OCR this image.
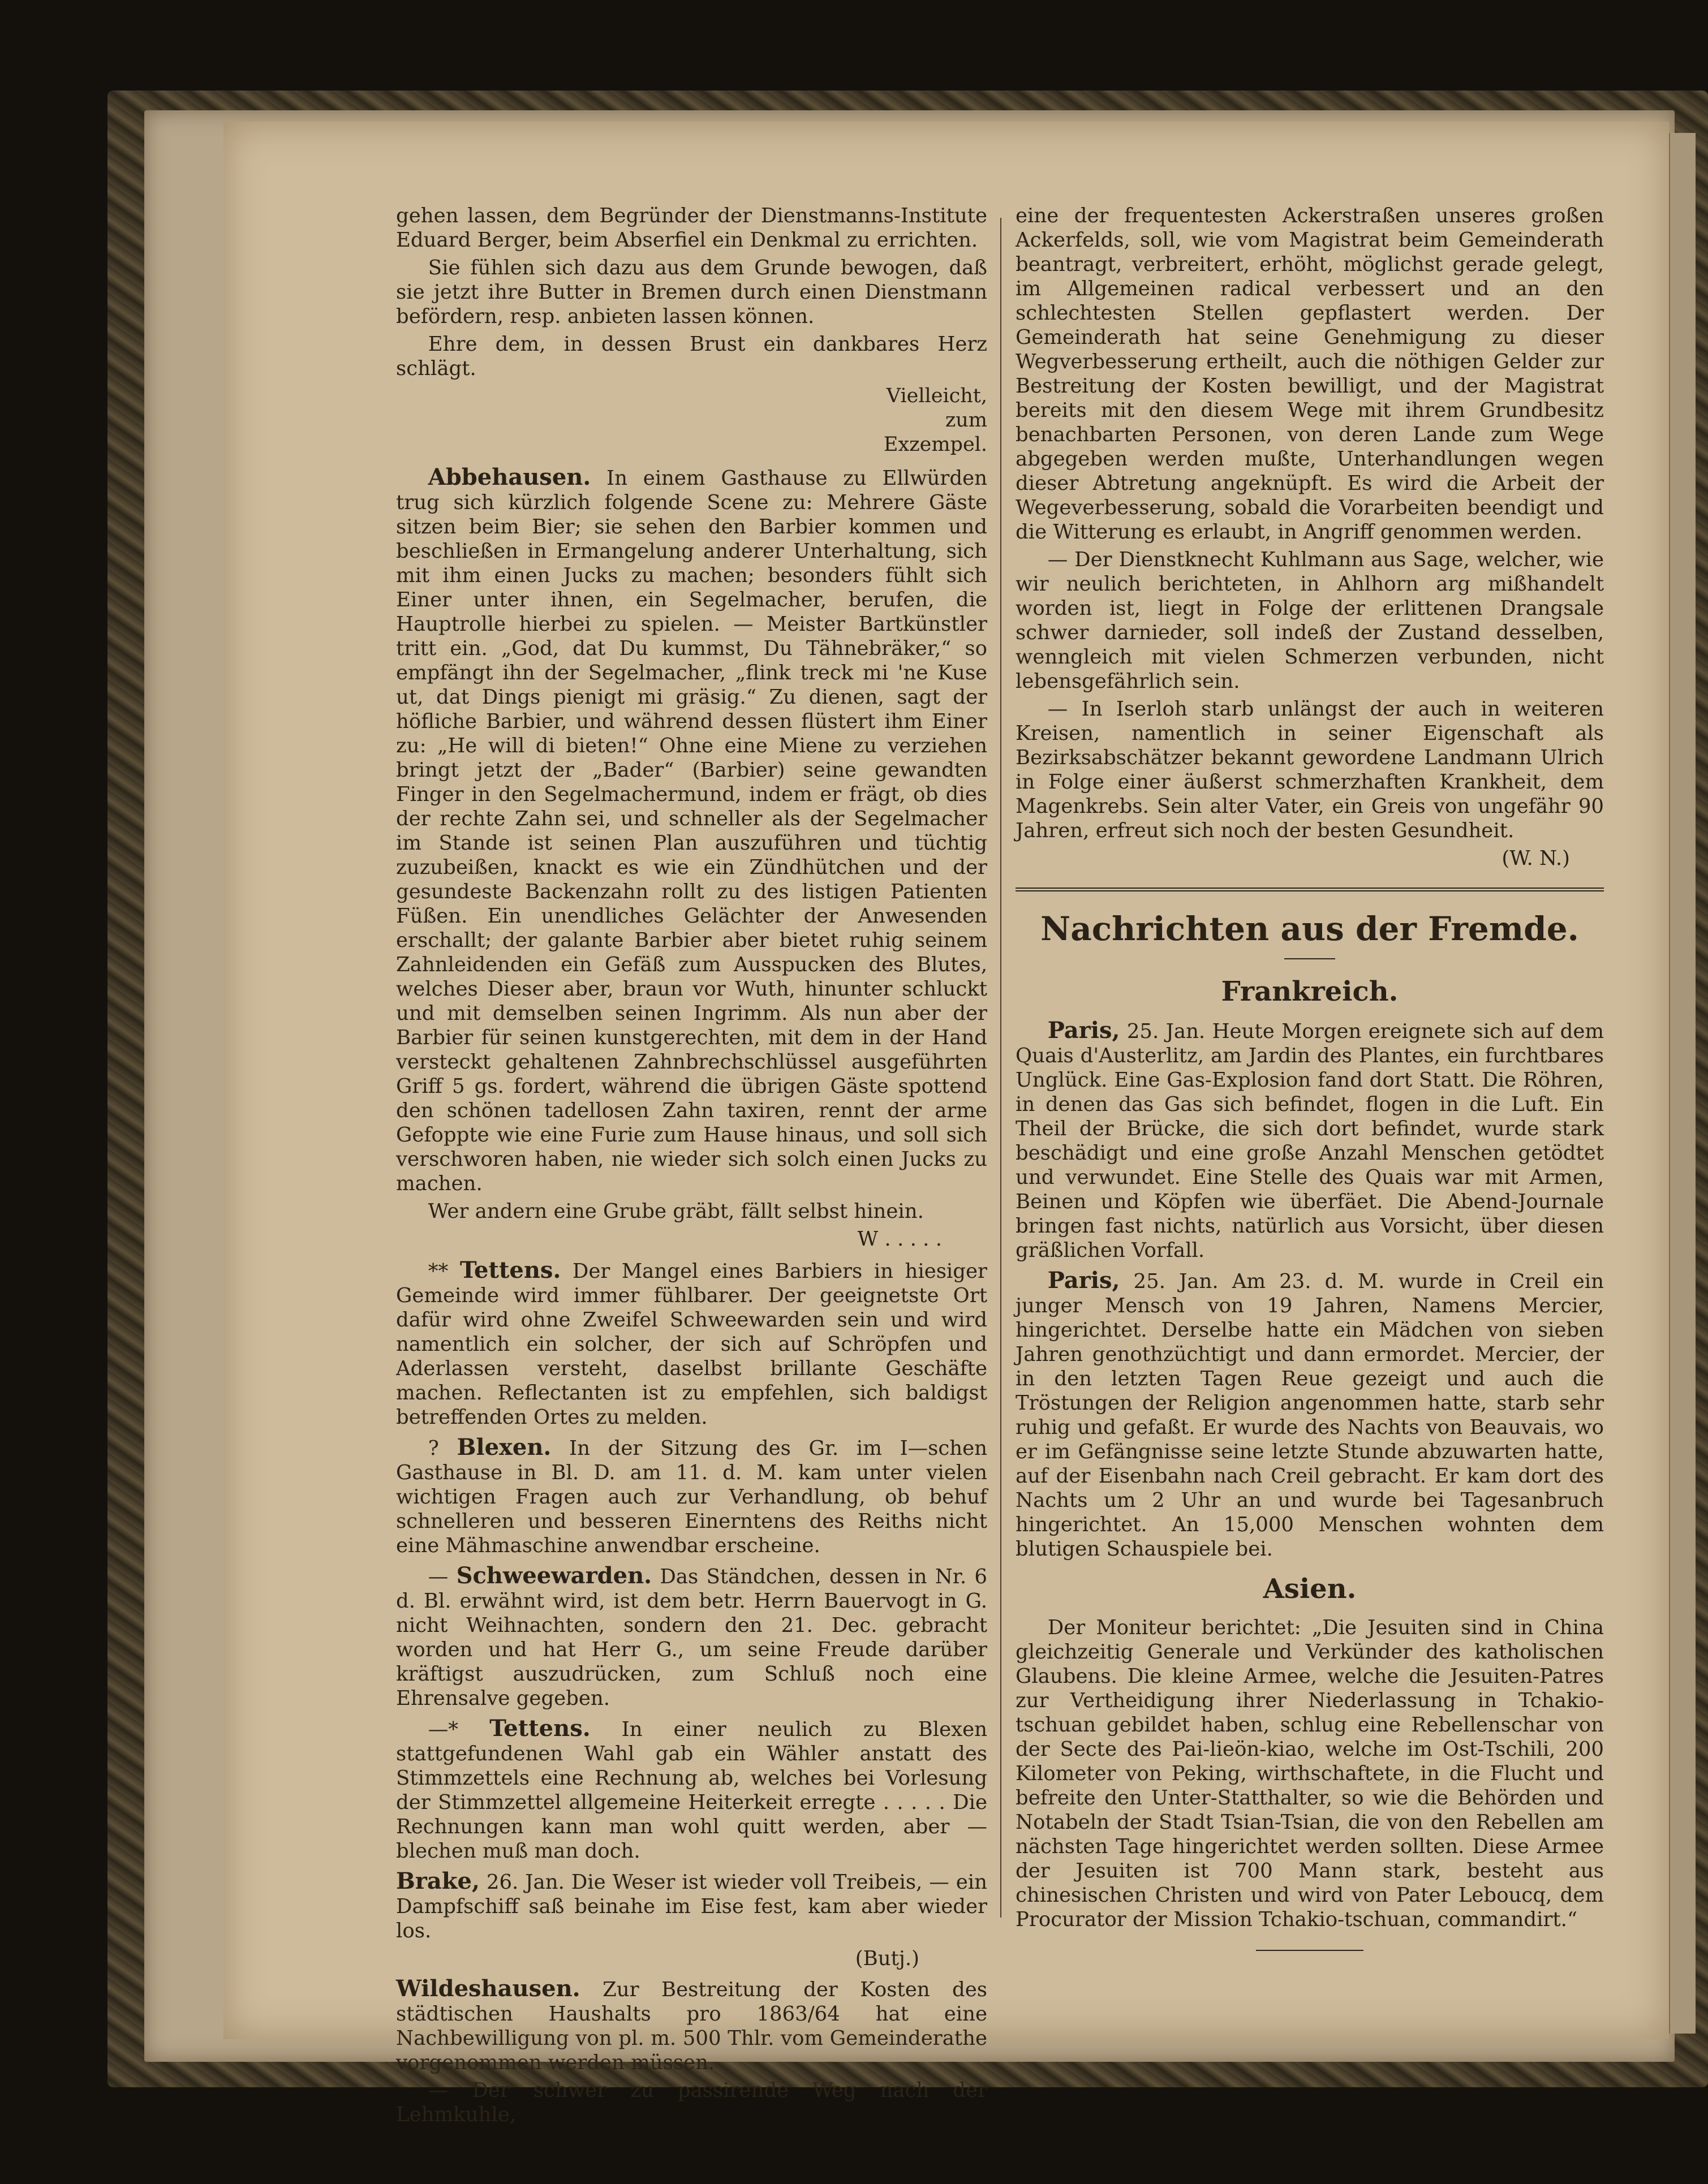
gehen lassen, dem Begründer der Dienstmanns-Institute Eduard Berger, beim Abserfiel ein Denkmal zu errichten.

Sie fühlen sich dazu aus dem Grunde bewogen, daß sie jetzt ihre Butter in Bremen durch einen Dienstmann befördern, resp. anbieten lassen können.

Ehre dem, in dessen Brust ein dankbares Herz schlägt.

Vielleicht,
zum
Exzempel.

Abbehausen. In einem Gasthause zu Ellwürden trug sich kürzlich folgende Scene zu: Mehrere Gäste sitzen beim Bier; sie sehen den Barbier kommen und beschließen in Ermangelung anderer Unterhaltung, sich mit ihm einen Jucks zu machen; besonders fühlt sich Einer unter ihnen, ein Segelmacher, berufen, die Hauptrolle hierbei zu spielen. — Meister Bartkünstler tritt ein. „God, dat Du kummst, Du Tähnebräker,“ so empfängt ihn der Segelmacher, „flink treck mi 'ne Kuse ut, dat Dings pienigt mi gräsig.“ Zu dienen, sagt der höfliche Barbier, und während dessen flüstert ihm Einer zu: „He will di bieten!“ Ohne eine Miene zu verziehen bringt jetzt der „Bader“ (Barbier) seine gewandten Finger in den Segelmachermund, indem er frägt, ob dies der rechte Zahn sei, und schneller als der Segelmacher im Stande ist seinen Plan auszuführen und tüchtig zuzubeißen, knackt es wie ein Zündhütchen und der gesundeste Backenzahn rollt zu des listigen Patienten Füßen. Ein unendliches Gelächter der Anwesenden erschallt; der galante Barbier aber bietet ruhig seinem Zahnleidenden ein Gefäß zum Ausspucken des Blutes, welches Dieser aber, braun vor Wuth, hinunter schluckt und mit demselben seinen Ingrimm. Als nun aber der Barbier für seinen kunstgerechten, mit dem in der Hand versteckt gehaltenen Zahnbrechschlüssel ausgeführten Griff 5 gs. fordert, während die übrigen Gäste spottend den schönen tadellosen Zahn taxiren, rennt der arme Gefoppte wie eine Furie zum Hause hinaus, und soll sich verschworen haben, nie wieder sich solch einen Jucks zu machen.

Wer andern eine Grube gräbt, fällt selbst hinein.

W . . . . .

** Tettens. Der Mangel eines Barbiers in hiesiger Gemeinde wird immer fühlbarer. Der geeignetste Ort dafür wird ohne Zweifel Schweewarden sein und wird namentlich ein solcher, der sich auf Schröpfen und Aderlassen versteht, daselbst brillante Geschäfte machen. Reflectanten ist zu empfehlen, sich baldigst betreffenden Ortes zu melden.

? Blexen. In der Sitzung des Gr. im I—schen Gasthause in Bl. D. am 11. d. M. kam unter vielen wichtigen Fragen auch zur Verhandlung, ob behuf schnelleren und besseren Einerntens des Reiths nicht eine Mähmaschine anwendbar erscheine.

— Schweewarden. Das Ständchen, dessen in Nr. 6 d. Bl. erwähnt wird, ist dem betr. Herrn Bauervogt in G. nicht Weihnachten, sondern den 21. Dec. gebracht worden und hat Herr G., um seine Freude darüber kräftigst auszudrücken, zum Schluß noch eine Ehrensalve gegeben.

—* Tettens. In einer neulich zu Blexen stattgefundenen Wahl gab ein Wähler anstatt des Stimmzettels eine Rechnung ab, welches bei Vorlesung der Stimmzettel allgemeine Heiterkeit erregte . . . . . Die Rechnungen kann man wohl quitt werden, aber — blechen muß man doch.

Brake, 26. Jan. Die Weser ist wieder voll Treibeis, — ein Dampfschiff saß beinahe im Eise fest, kam aber wieder los.

(Butj.)

Wildeshausen. Zur Bestreitung der Kosten des städtischen Haushalts pro 1863/64 hat eine Nachbewilligung von pl. m. 500 Thlr. vom Gemeinderathe vorgenommen werden müssen.

— Der schwer zu passirende Weg nach der Lehmkuhle,

eine der frequentesten Ackerstraßen unseres großen Ackerfelds, soll, wie vom Magistrat beim Gemeinderath beantragt, verbreitert, erhöht, möglichst gerade gelegt, im Allgemeinen radical verbessert und an den schlechtesten Stellen gepflastert werden. Der Gemeinderath hat seine Genehmigung zu dieser Wegverbesserung ertheilt, auch die nöthigen Gelder zur Bestreitung der Kosten bewilligt, und der Magistrat bereits mit den diesem Wege mit ihrem Grundbesitz benachbarten Personen, von deren Lande zum Wege abgegeben werden mußte, Unterhandlungen wegen dieser Abtretung angeknüpft. Es wird die Arbeit der Wegeverbesserung, sobald die Vorarbeiten beendigt und die Witterung es erlaubt, in Angriff genommen werden.

— Der Dienstknecht Kuhlmann aus Sage, welcher, wie wir neulich berichteten, in Ahlhorn arg mißhandelt worden ist, liegt in Folge der erlittenen Drangsale schwer darnieder, soll indeß der Zustand desselben, wenngleich mit vielen Schmerzen verbunden, nicht lebensgefährlich sein.

— In Iserloh starb unlängst der auch in weiteren Kreisen, namentlich in seiner Eigenschaft als Bezirksabschätzer bekannt gewordene Landmann Ulrich in Folge einer äußerst schmerzhaften Krankheit, dem Magenkrebs. Sein alter Vater, ein Greis von ungefähr 90 Jahren, erfreut sich noch der besten Gesundheit.

(W. N.)

Nachrichten aus der Fremde.
Frankreich.

Paris, 25. Jan. Heute Morgen ereignete sich auf dem Quais d'Austerlitz, am Jardin des Plantes, ein furchtbares Unglück. Eine Gas-Explosion fand dort Statt. Die Röhren, in denen das Gas sich befindet, flogen in die Luft. Ein Theil der Brücke, die sich dort befindet, wurde stark beschädigt und eine große Anzahl Menschen getödtet und verwundet. Eine Stelle des Quais war mit Armen, Beinen und Köpfen wie überfäet. Die Abend-Journale bringen fast nichts, natürlich aus Vorsicht, über diesen gräßlichen Vorfall.

Paris, 25. Jan. Am 23. d. M. wurde in Creil ein junger Mensch von 19 Jahren, Namens Mercier, hingerichtet. Derselbe hatte ein Mädchen von sieben Jahren genothzüchtigt und dann ermordet. Mercier, der in den letzten Tagen Reue gezeigt und auch die Tröstungen der Religion angenommen hatte, starb sehr ruhig und gefaßt. Er wurde des Nachts von Beauvais, wo er im Gefängnisse seine letzte Stunde abzuwarten hatte, auf der Eisenbahn nach Creil gebracht. Er kam dort des Nachts um 2 Uhr an und wurde bei Tagesanbruch hingerichtet. An 15,000 Menschen wohnten dem blutigen Schauspiele bei.

Asien.

Der Moniteur berichtet: „Die Jesuiten sind in China gleichzeitig Generale und Verkünder des katholischen Glaubens. Die kleine Armee, welche die Jesuiten-Patres zur Vertheidigung ihrer Niederlassung in Tchakio-tschuan gebildet haben, schlug eine Rebellenschar von der Secte des Pai-lieön-kiao, welche im Ost-Tschili, 200 Kilometer von Peking, wirthschaftete, in die Flucht und befreite den Unter-Statthalter, so wie die Behörden und Notabeln der Stadt Tsian-Tsian, die von den Rebellen am nächsten Tage hingerichtet werden sollten. Diese Armee der Jesuiten ist 700 Mann stark, besteht aus chinesischen Christen und wird von Pater Leboucq, dem Procurator der Mission Tchakio-tschuan, commandirt.“
